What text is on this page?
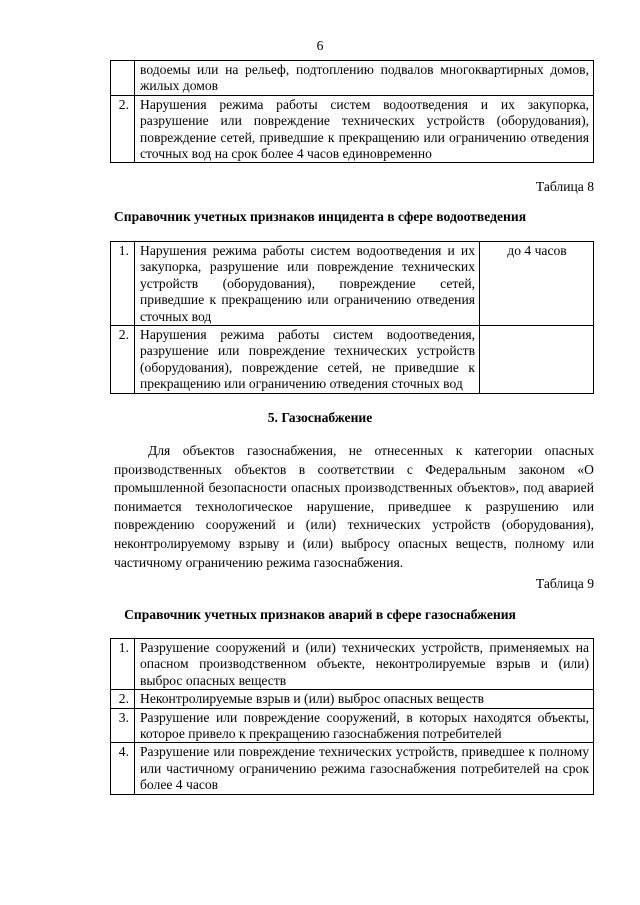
6
	водоемы или на рельеф, подтоплению подвалов многоквартирных домов, жилых домов
2.	Нарушения режима работы систем водоотведения и их закупорка, разрушение или повреждение технических устройств (оборудования), повреждение сетей, приведшие к прекращению или ограничению отведения сточных вод на срок более 4 часов единовременно
Таблица 8
Справочник учетных признаков инцидента в сфере водоотведения
1.	Нарушения режима работы систем водоотведения и их закупорка, разрушение или повреждение технических устройств (оборудования), повреждение сетей, приведшие к прекращению или ограничению отведения сточных вод	до 4 часов
2.	Нарушения режима работы систем водоотведения, разрушение или повреждение технических устройств (оборудования), повреждение сетей, не приведшие к прекращению или ограничению отведения сточных вод	
5. Газоснабжение

Для объектов газоснабжения, не отнесенных к категории опасных производственных объектов в соответствии с Федеральным законом «О промышленной безопасности опасных производственных объектов», под аварией понимается технологическое нарушение, приведшее к разрушению или повреждению сооружений и (или) технических устройств (оборудования), неконтролируемому взрыву и (или) выбросу опасных веществ, полному или частичному ограничению режима газоснабжения.

Таблица 9
Справочник учетных признаков аварий в сфере газоснабжения
1.	Разрушение сооружений и (или) технических устройств, применяемых на опасном производственном объекте, неконтролируемые взрыв и (или) выброс опасных веществ
2.	Неконтролируемые взрыв и (или) выброс опасных веществ
3.	Разрушение или повреждение сооружений, в которых находятся объекты, которое привело к прекращению газоснабжения потребителей
4.	Разрушение или повреждение технических устройств, приведшее к полному или частичному ограничению режима газоснабжения потребителей на срок более 4 часов
